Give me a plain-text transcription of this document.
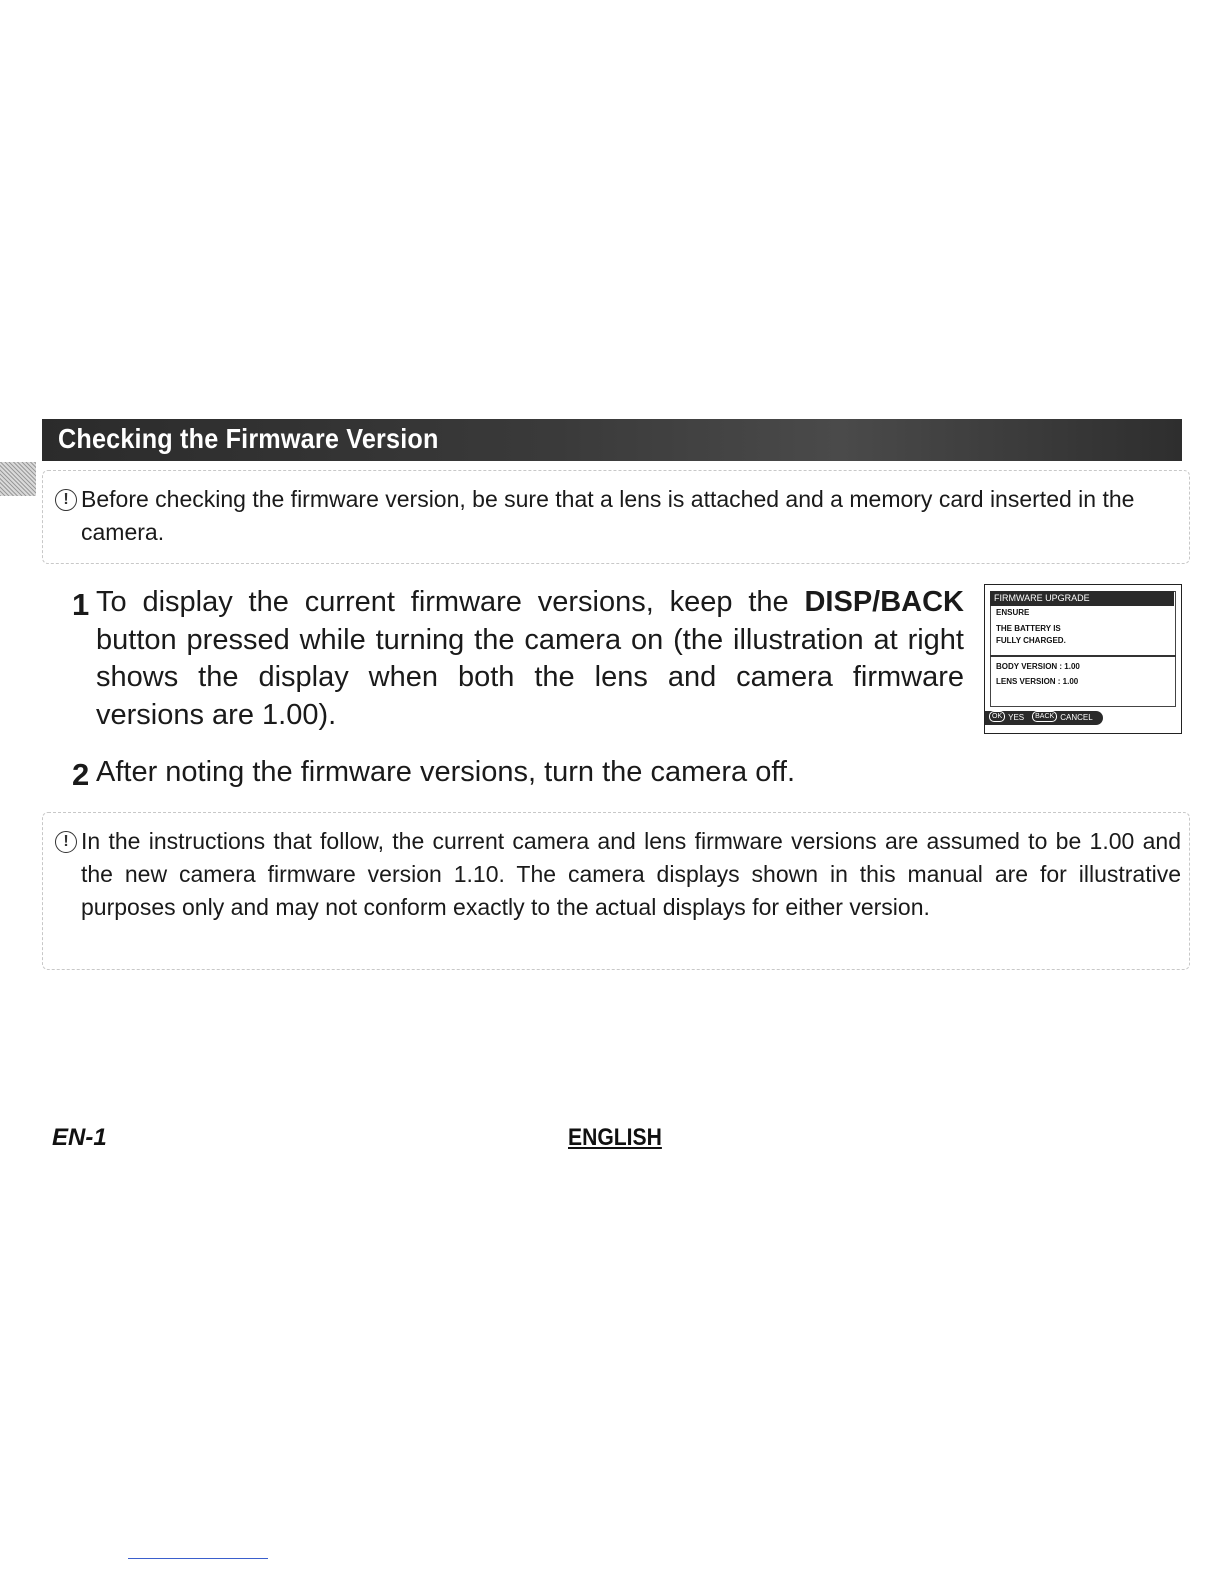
Checking the Firmware Version
! Before checking the firmware version, be sure that a lens is attached and a memory card inserted in the camera.
1 To display the current firmware versions, keep the DISP/BACK button pressed while turning the camera on (the illustration at right shows the display when both the lens and camera firmware versions are 1.00).
FIRMWARE UPGRADE
ENSURE
THE BATTERY IS
FULLY CHARGED.
BODY VERSION : 1.00
LENS VERSION : 1.00
OK YES BACK CANCEL
2 After noting the firmware versions, turn the camera off.
! In the instructions that follow, the current camera and lens firmware versions are assumed to be 1.00 and the new camera firmware version 1.10. The camera displays shown in this manual are for illustrative purposes only and may not conform exactly to the actual displays for either version.
EN-1	ENGLISH
